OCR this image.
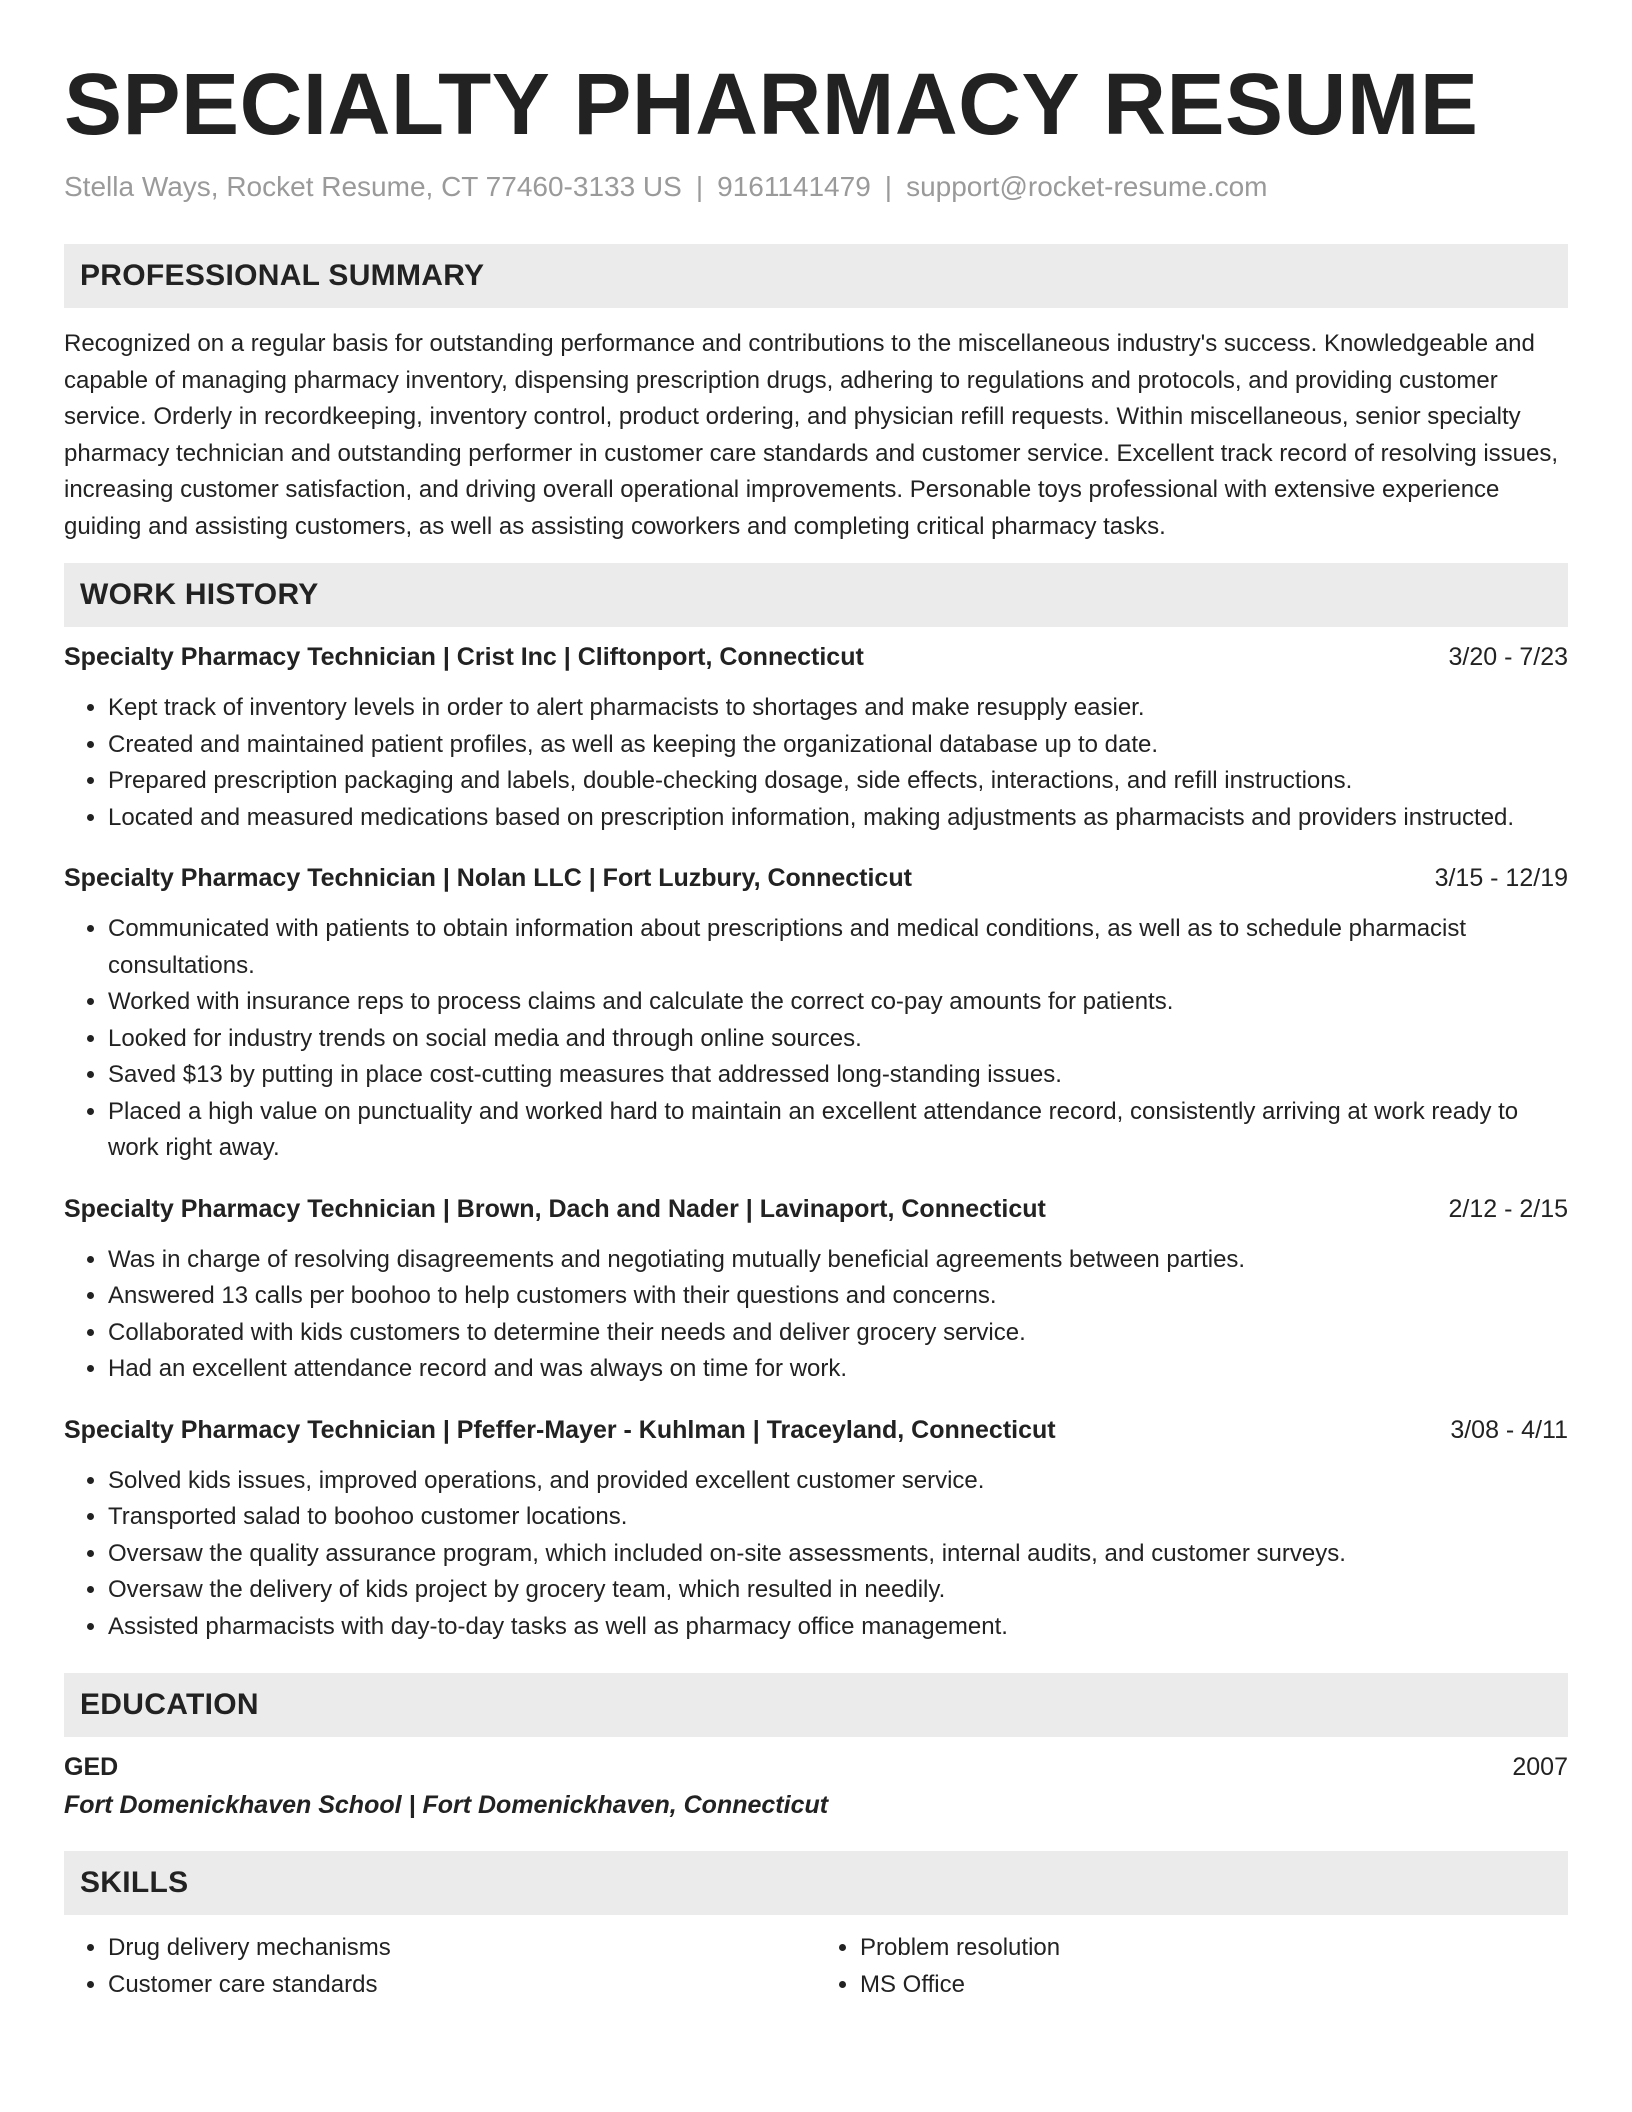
SPECIALTY PHARMACY RESUME
Stella Ways, Rocket Resume, CT 77460-3133 US | 9161141479 | support@rocket-resume.com
PROFESSIONAL SUMMARY

Recognized on a regular basis for outstanding performance and contributions to the miscellaneous industry's success. Knowledgeable and capable of managing pharmacy inventory, dispensing prescription drugs, adhering to regulations and protocols, and providing customer service. Orderly in recordkeeping, inventory control, product ordering, and physician refill requests. Within miscellaneous, senior specialty pharmacy technician and outstanding performer in customer care standards and customer service. Excellent track record of resolving issues, increasing customer satisfaction, and driving overall operational improvements. Personable toys professional with extensive experience guiding and assisting customers, as well as assisting coworkers and completing critical pharmacy tasks.

WORK HISTORY
Specialty Pharmacy Technician | Crist Inc | Cliftonport, Connecticut	3/20 - 7/23
• Kept track of inventory levels in order to alert pharmacists to shortages and make resupply easier.
• Created and maintained patient profiles, as well as keeping the organizational database up to date.
• Prepared prescription packaging and labels, double-checking dosage, side effects, interactions, and refill instructions.
• Located and measured medications based on prescription information, making adjustments as pharmacists and providers instructed.
Specialty Pharmacy Technician | Nolan LLC | Fort Luzbury, Connecticut	3/15 - 12/19
• Communicated with patients to obtain information about prescriptions and medical conditions, as well as to schedule pharmacist consultations.
• Worked with insurance reps to process claims and calculate the correct co-pay amounts for patients.
• Looked for industry trends on social media and through online sources.
• Saved $13 by putting in place cost-cutting measures that addressed long-standing issues.
• Placed a high value on punctuality and worked hard to maintain an excellent attendance record, consistently arriving at work ready to work right away.
Specialty Pharmacy Technician | Brown, Dach and Nader | Lavinaport, Connecticut	2/12 - 2/15
• Was in charge of resolving disagreements and negotiating mutually beneficial agreements between parties.
• Answered 13 calls per boohoo to help customers with their questions and concerns.
• Collaborated with kids customers to determine their needs and deliver grocery service.
• Had an excellent attendance record and was always on time for work.
Specialty Pharmacy Technician | Pfeffer-Mayer - Kuhlman | Traceyland, Connecticut	3/08 - 4/11
• Solved kids issues, improved operations, and provided excellent customer service.
• Transported salad to boohoo customer locations.
• Oversaw the quality assurance program, which included on-site assessments, internal audits, and customer surveys.
• Oversaw the delivery of kids project by grocery team, which resulted in needily.
• Assisted pharmacists with day-to-day tasks as well as pharmacy office management.
EDUCATION
GED	2007
Fort Domenickhaven School | Fort Domenickhaven, Connecticut
SKILLS
• Drug delivery mechanisms
• Customer care standards
• Problem resolution
• MS Office
